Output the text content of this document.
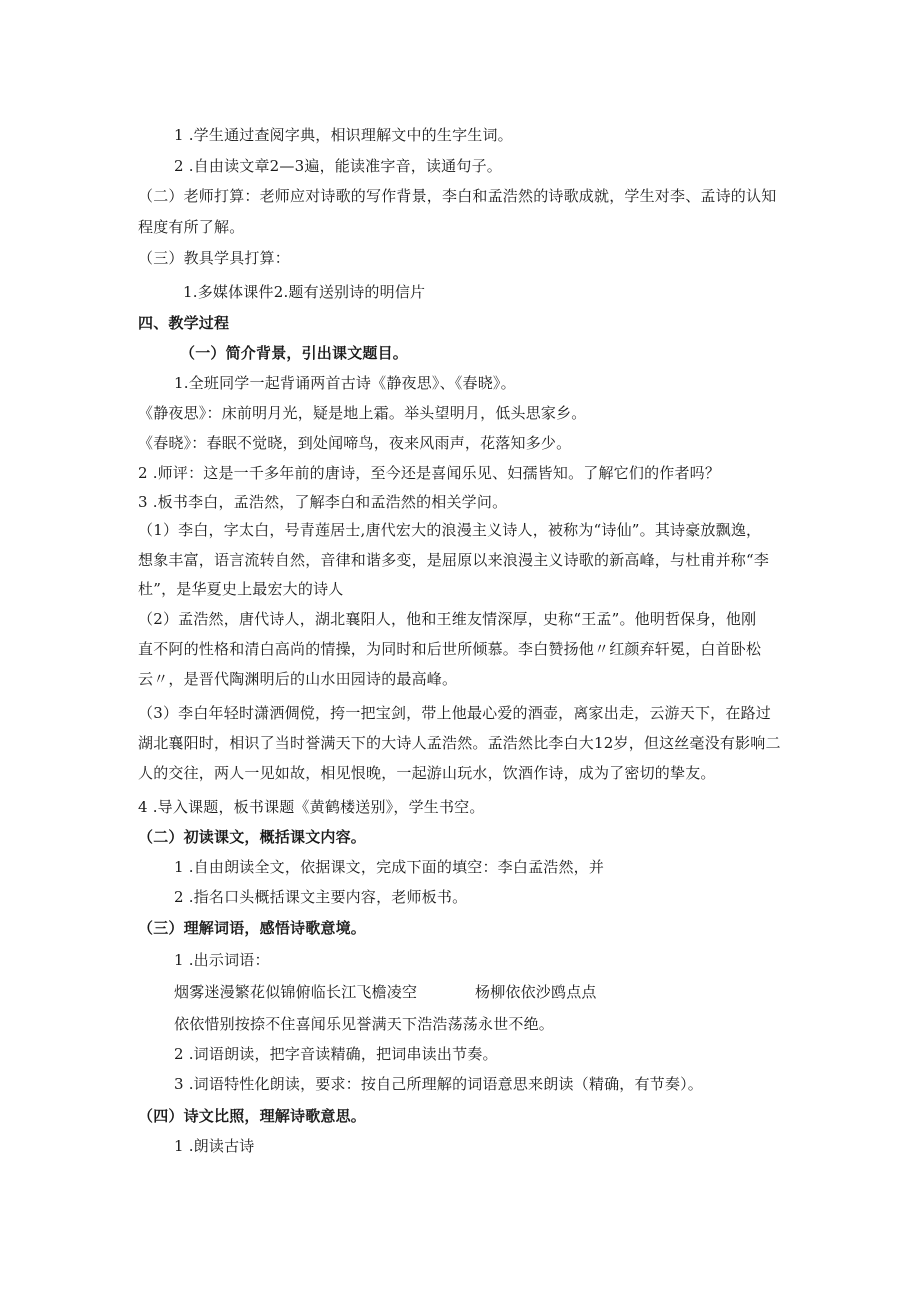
1 .学生通过查阅字典，相识理解文中的生字生词。
2 .自由读文章2—3遍，能读准字音，读通句子。
（二）老师打算：老师应对诗歌的写作背景，李白和孟浩然的诗歌成就，学生对李、孟诗的认知
程度有所了解。
（三）教具学具打算：
1.多媒体课件2.题有送别诗的明信片
四、教学过程
（一）简介背景，引出课文题目。
1.全班同学一起背诵两首古诗《静夜思》、《春晓》。
《静夜思》：床前明月光，疑是地上霜。举头望明月，低头思家乡。
《春晓》：春眠不觉晓，到处闻啼鸟，夜来风雨声，花落知多少。
2 .师评：这是一千多年前的唐诗，至今还是喜闻乐见、妇孺皆知。了解它们的作者吗？
3 .板书李白，孟浩然，了解李白和孟浩然的相关学问。
（1）李白，字太白，号青莲居士,唐代宏大的浪漫主义诗人，被称为“诗仙”。其诗豪放飘逸，
想象丰富，语言流转自然，音律和谐多变，是屈原以来浪漫主义诗歌的新高峰，与杜甫并称“李
杜”，是华夏史上最宏大的诗人
（2）孟浩然，唐代诗人，湖北襄阳人，他和王维友情深厚，史称“王孟”。他明哲保身，他刚
直不阿的性格和清白高尚的情操，为同时和后世所倾慕。李白赞扬他〃红颜弃轩冕，白首卧松
云〃，是晋代陶渊明后的山水田园诗的最高峰。
（3）李白年轻时潇洒倜傥，挎一把宝剑，带上他最心爱的酒壶，离家出走，云游天下，在路过
湖北襄阳时，相识了当时誉满天下的大诗人孟浩然。孟浩然比李白大12岁，但这丝毫没有影响二
人的交往，两人一见如故，相见恨晚，一起游山玩水，饮酒作诗，成为了密切的挚友。
4 .导入课题，板书课题《黄鹤楼送别》，学生书空。
（二）初读课文，概括课文内容。
1 .自由朗读全文，依据课文，完成下面的填空：李白孟浩然，并
2 .指名口头概括课文主要内容，老师板书。
（三）理解词语，感悟诗歌意境。
1 .出示词语：
烟雾迷漫繁花似锦俯临长江飞檐凌空	杨柳依依沙鸥点点
依依惜别按捺不住喜闻乐见誉满天下浩浩荡荡永世不绝。
2 .词语朗读，把字音读精确，把词串读出节奏。
3 .词语特性化朗读，要求：按自己所理解的词语意思来朗读（精确，有节奏）。
（四）诗文比照，理解诗歌意思。
1 .朗读古诗
